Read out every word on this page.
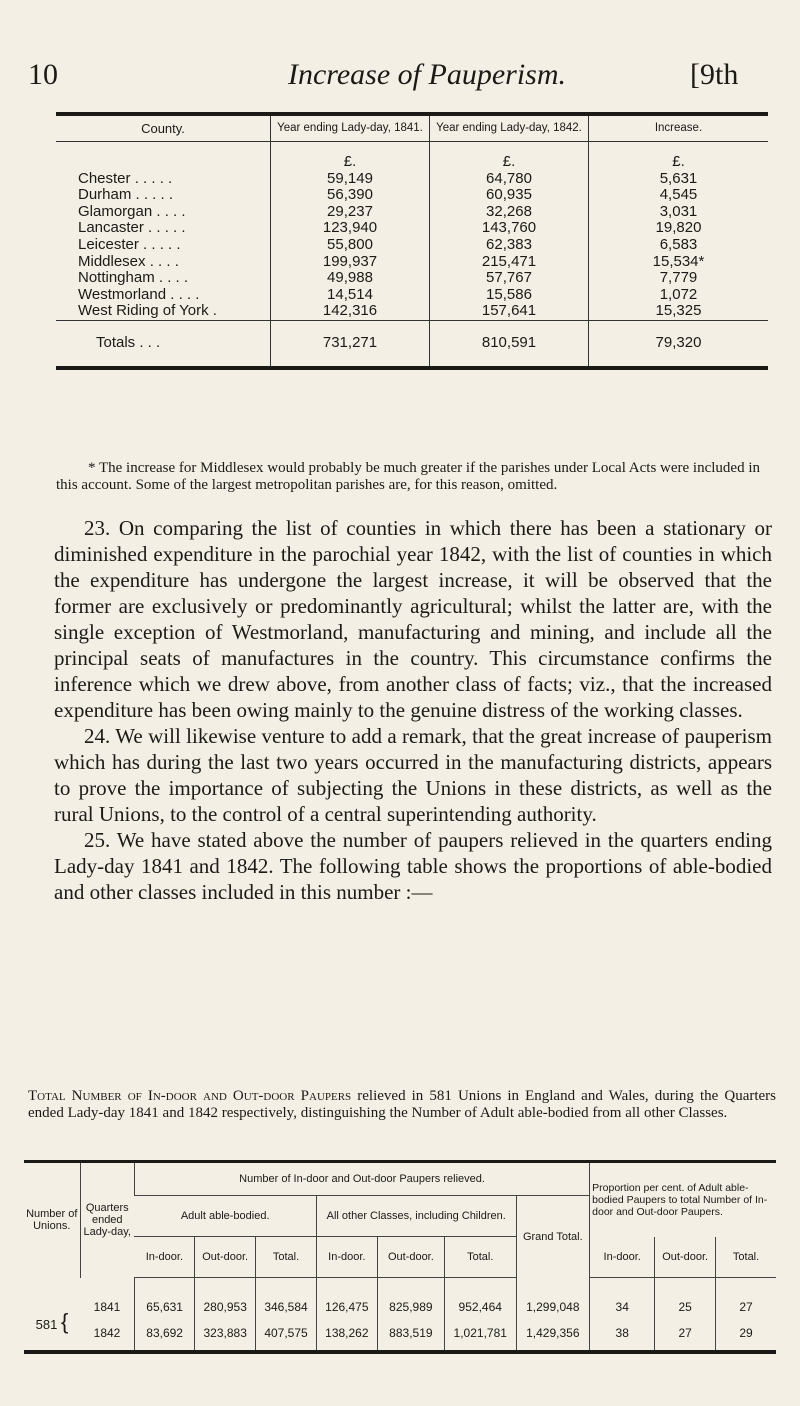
10	Increase of Pauperism.	[9th
County.	Year ending Lady-day, 1841.	Year ending Lady-day, 1842.	Increase.
	£.	£.	£.
Chester . . . . .	59,149	64,780	5,631
Durham . . . . .	56,390	60,935	4,545
Glamorgan . . . .	29,237	32,268	3,031
Lancaster . . . . .	123,940	143,760	19,820
Leicester . . . . .	55,800	62,383	6,583
Middlesex . . . .	199,937	215,471	15,534*
Nottingham . . . .	49,988	57,767	7,779
Westmorland . . . .	14,514	15,586	1,072
West Riding of York .	142,316	157,641	15,325
Totals . . .	731,271	810,591	79,320
* The increase for Middlesex would probably be much greater if the parishes under Local Acts were included in this account. Some of the largest metropolitan parishes are, for this reason, omitted.

23. On comparing the list of counties in which there has been a stationary or diminished expenditure in the parochial year 1842, with the list of counties in which the expenditure has undergone the largest increase, it will be observed that the former are exclusively or predominantly agricultural; whilst the latter are, with the single exception of Westmorland, manufacturing and mining, and include all the principal seats of manufactures in the country. This circumstance confirms the inference which we drew above, from another class of facts; viz., that the increased expenditure has been owing mainly to the genuine distress of the working classes.

24. We will likewise venture to add a remark, that the great increase of pauperism which has during the last two years occurred in the manufacturing districts, appears to prove the importance of subjecting the Unions in these districts, as well as the rural Unions, to the control of a central superintending authority.

25. We have stated above the number of paupers relieved in the quarters ending Lady-day 1841 and 1842. The following table shows the proportions of able-bodied and other classes included in this number :—

Total Number of In-door and Out-door Paupers relieved in 581 Unions in England and Wales, during the Quarters ended Lady-day 1841 and 1842 respectively, distinguishing the Number of Adult able-bodied from all other Classes.
Number of Unions.	Quarters ended Lady-day,	Number of In-door and Out-door Paupers relieved.							Proportion per cent. of Adult able-bodied Paupers to total Number of In-door and Out-door Paupers.		
		Adult able-bodied.			All other Classes, including Children.			Grand Total.			
		In-door.	Out-door.	Total.	In-door.	Out-door.	Total.		In-door.	Out-door.	Total.
581 {	1841	65,631	280,953	346,584	126,475	825,989	952,464	1,299,048	34	25	27
	1842	83,692	323,883	407,575	138,262	883,519	1,021,781	1,429,356	38	27	29
